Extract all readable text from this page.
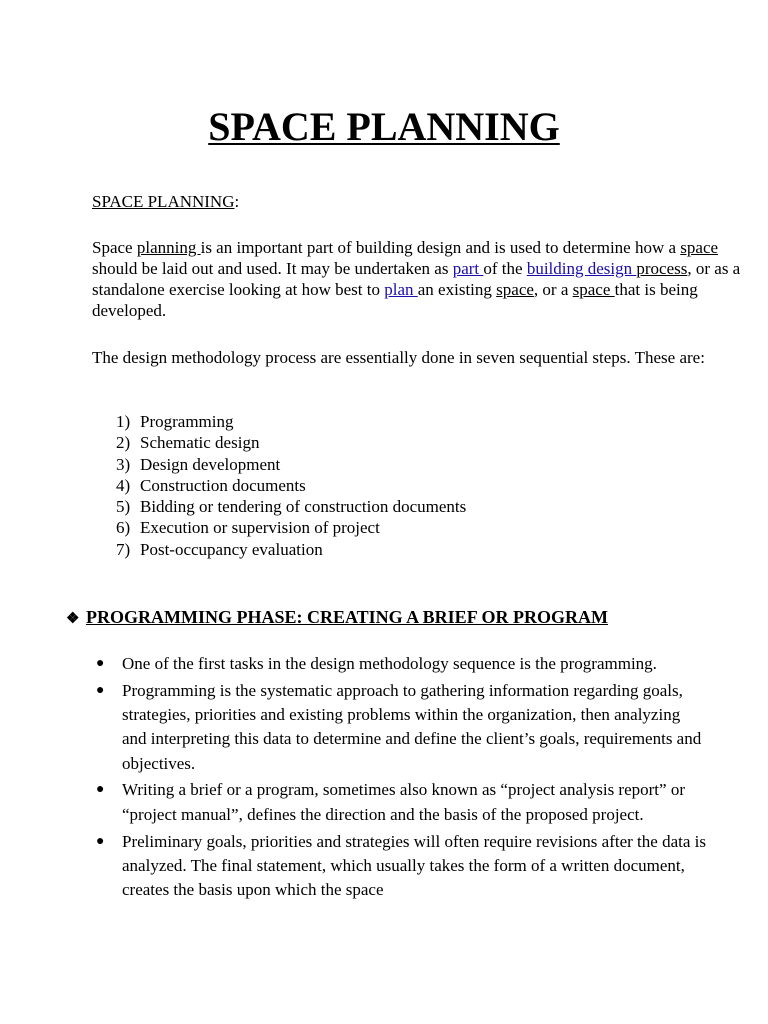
SPACE PLANNING
SPACE PLANNING:
Space planning is an important part of building design and is used to determine how a space should be laid out and used. It may be undertaken as part of the building design process, or as a standalone exercise looking at how best to plan an existing space, or a space that is being developed.
The design methodology process are essentially done in seven sequential steps. These are:
1) Programming
2) Schematic design
3) Design development
4) Construction documents
5) Bidding or tendering of construction documents
6) Execution or supervision of project
7) Post-occupancy evaluation
❖ PROGRAMMING PHASE: CREATING A BRIEF OR PROGRAM
● One of the first tasks in the design methodology sequence is the programming.
● Programming is the systematic approach to gathering information regarding goals, strategies, priorities and existing problems within the organization, then analyzing and interpreting this data to determine and define the client’s goals, requirements and objectives.
● Writing a brief or a program, sometimes also known as “project analysis report” or “project manual”, defines the direction and the basis of the proposed project.
● Preliminary goals, priorities and strategies will often require revisions after the data is analyzed. The final statement, which usually takes the form of a written document, creates the basis upon which the space
